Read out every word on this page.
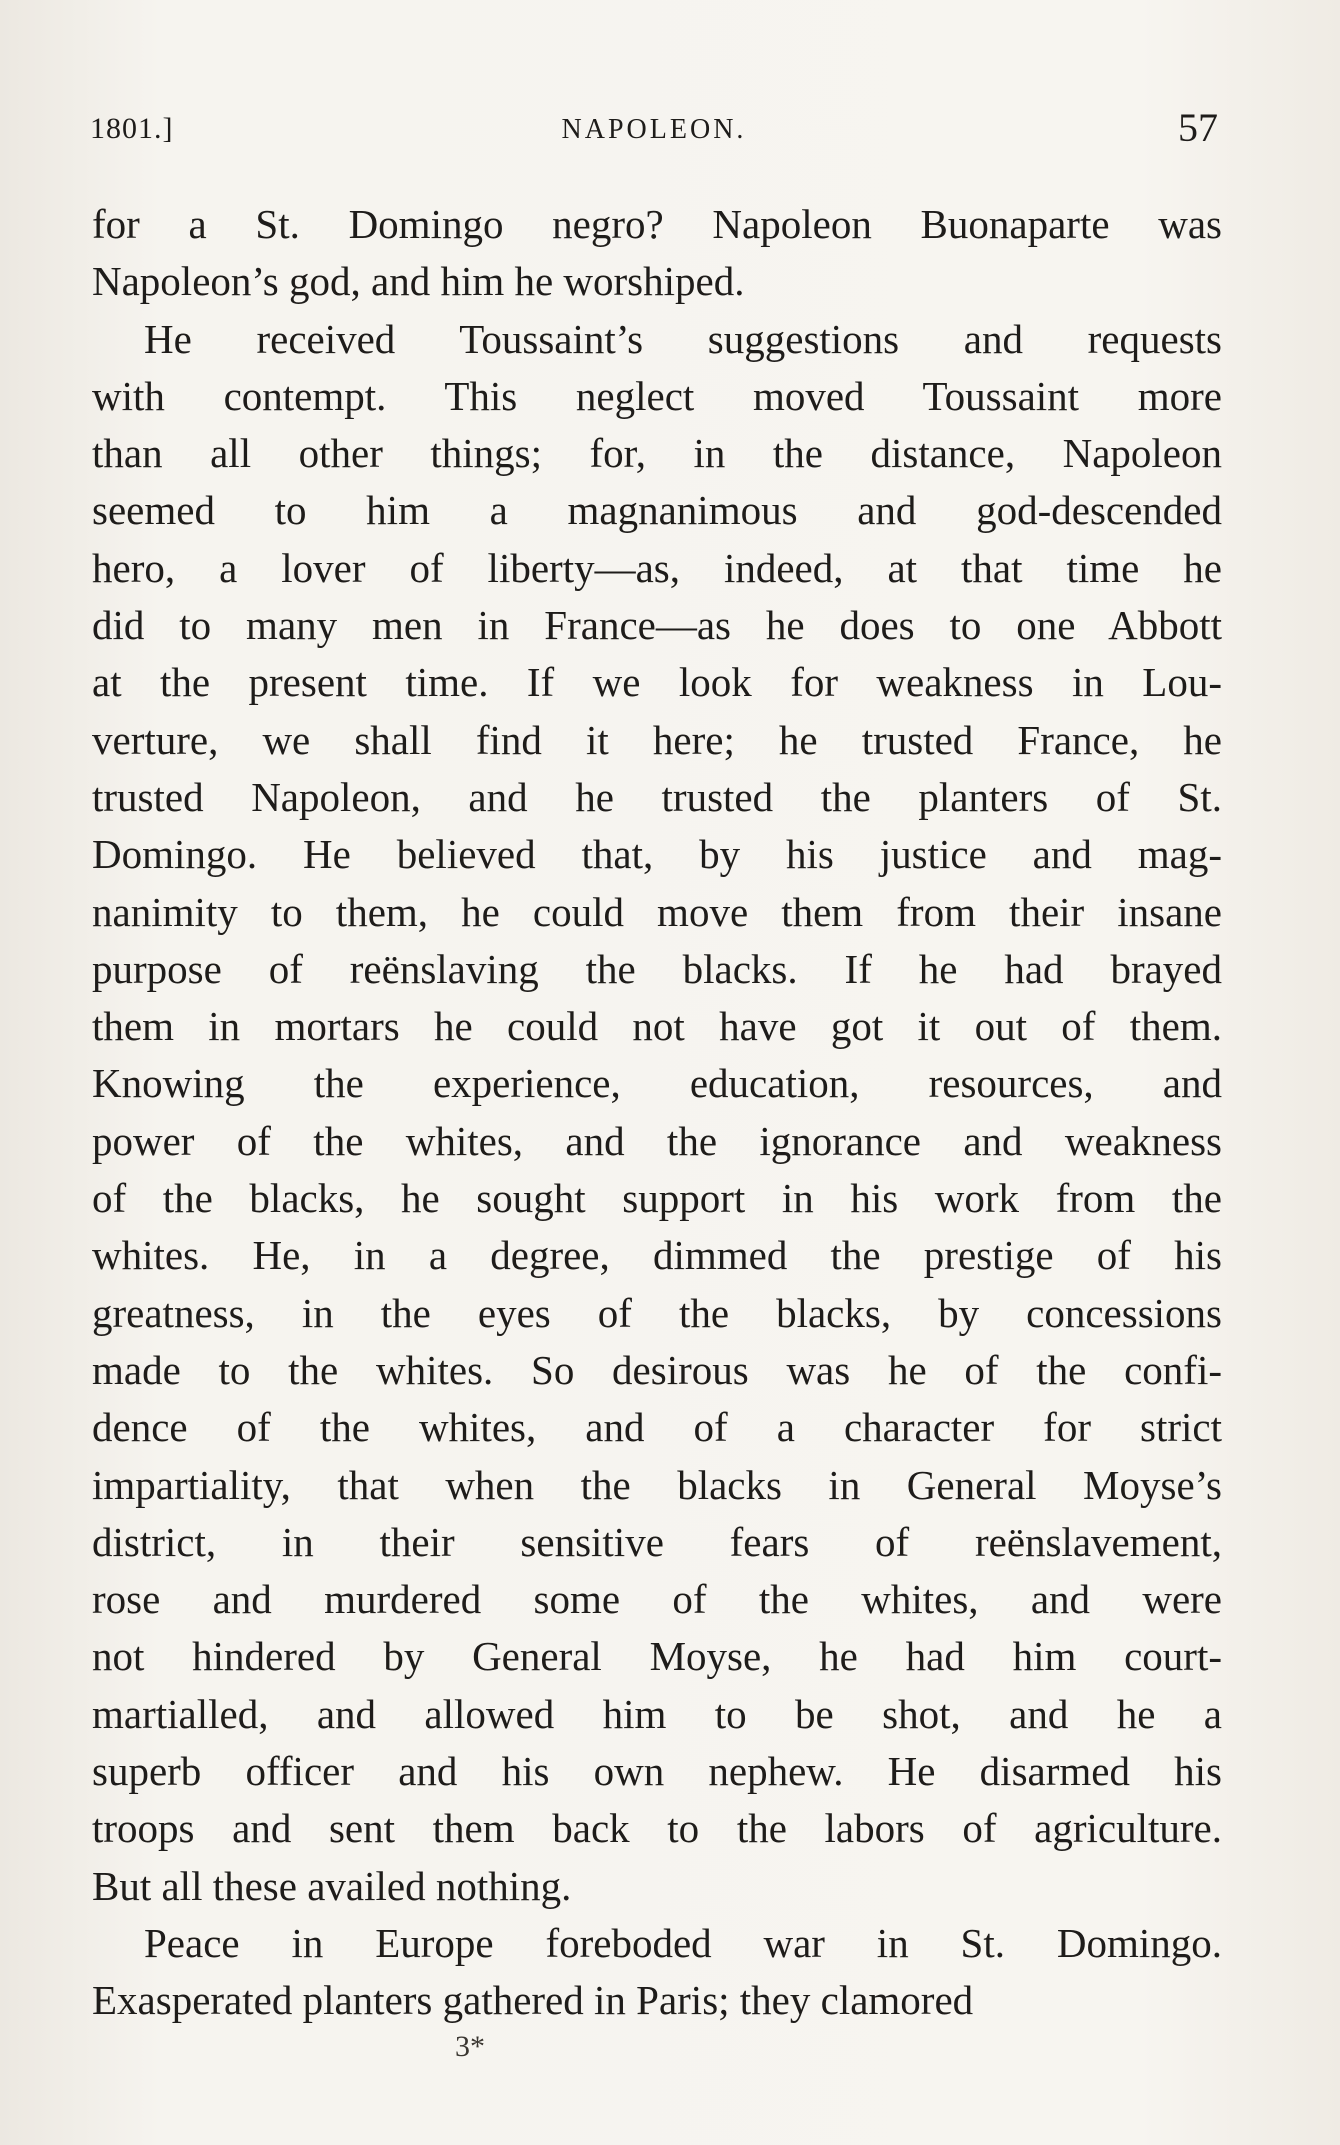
1801.]	NAPOLEON.	57
for a St. Domingo negro? Napoleon Buonaparte was
Napoleon’s god, and him he worshiped.
He received Toussaint’s suggestions and requests
with contempt. This neglect moved Toussaint more
than all other things; for, in the distance, Napoleon
seemed to him a magnanimous and god-descended
hero, a lover of liberty—as, indeed, at that time he
did to many men in France—as he does to one Abbott
at the present time. If we look for weakness in Lou-
verture, we shall find it here; he trusted France, he
trusted Napoleon, and he trusted the planters of St.
Domingo. He believed that, by his justice and mag-
nanimity to them, he could move them from their insane
purpose of reënslaving the blacks. If he had brayed
them in mortars he could not have got it out of them.
Knowing the experience, education, resources, and
power of the whites, and the ignorance and weakness
of the blacks, he sought support in his work from the
whites. He, in a degree, dimmed the prestige of his
greatness, in the eyes of the blacks, by concessions
made to the whites. So desirous was he of the confi-
dence of the whites, and of a character for strict
impartiality, that when the blacks in General Moyse’s
district, in their sensitive fears of reënslavement,
rose and murdered some of the whites, and were
not hindered by General Moyse, he had him court-
martialled, and allowed him to be shot, and he a
superb officer and his own nephew. He disarmed his
troops and sent them back to the labors of agriculture.
But all these availed nothing.
Peace in Europe foreboded war in St. Domingo.
Exasperated planters gathered in Paris; they clamored
3*
